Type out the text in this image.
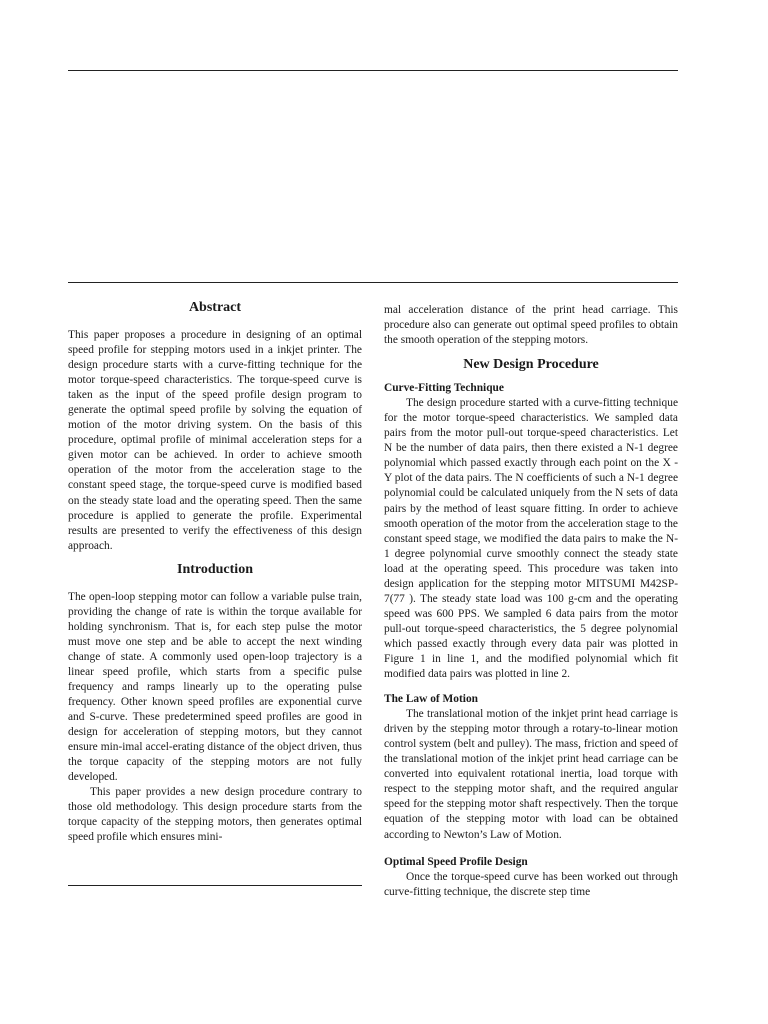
Abstract

This paper proposes a procedure in designing of an optimal speed profile for stepping motors used in a inkjet printer. The design procedure starts with a curve-fitting technique for the motor torque-speed characteristics. The torque-speed curve is taken as the input of the speed profile design program to generate the optimal speed profile by solving the equation of motion of the motor driving system. On the basis of this procedure, optimal profile of minimal acceleration steps for a given motor can be achieved. In order to achieve smooth operation of the motor from the acceleration stage to the constant speed stage, the torque-speed curve is modified based on the steady state load and the operating speed. Then the same procedure is applied to generate the profile. Experimental results are presented to verify the effectiveness of this design approach.

Introduction

The open-loop stepping motor can follow a variable pulse train, providing the change of rate is within the torque available for holding synchronism. That is, for each step pulse the motor must move one step and be able to accept the next winding change of state. A commonly used open-loop trajectory is a linear speed profile, which starts from a specific pulse frequency and ramps linearly up to the operating pulse frequency. Other known speed profiles are exponential curve and S-curve. These predetermined speed profiles are good in design for acceleration of stepping motors, but they cannot ensure min-imal accel-erating distance of the object driven, thus the torque capacity of the stepping motors are not fully developed.

This paper provides a new design procedure contrary to those old methodology. This design procedure starts from the torque capacity of the stepping motors, then generates optimal speed profile which ensures mini-

mal acceleration distance of the print head carriage. This procedure also can generate out optimal speed profiles to obtain the smooth operation of the stepping motors.

New Design Procedure
Curve-Fitting Technique

The design procedure started with a curve-fitting technique for the motor torque-speed characteristics. We sampled data pairs from the motor pull-out torque-speed characteristics. Let N be the number of data pairs, then there existed a N-1 degree polynomial which passed exactly through each point on the X - Y plot of the data pairs. The N coefficients of such a N-1 degree polynomial could be calculated uniquely from the N sets of data pairs by the method of least square fitting. In order to achieve smooth operation of the motor from the acceleration stage to the constant speed stage, we modified the data pairs to make the N-1 degree polynomial curve smoothly connect the steady state load at the operating speed. This procedure was taken into design application for the stepping motor MITSUMI M42SP-7(77 ). The steady state load was 100 g-cm and the operating speed was 600 PPS. We sampled 6 data pairs from the motor pull-out torque-speed characteristics, the 5 degree polynomial which passed exactly through every data pair was plotted in Figure 1 in line 1, and the modified polynomial which fit modified data pairs was plotted in line 2.

The Law of Motion

The translational motion of the inkjet print head carriage is driven by the stepping motor through a rotary-to-linear motion control system (belt and pulley). The mass, friction and speed of the translational motion of the inkjet print head carriage can be converted into equivalent rotational inertia, load torque with respect to the stepping motor shaft, and the required angular speed for the stepping motor shaft respectively. Then the torque equation of the stepping motor with load can be obtained according to Newton’s Law of Motion.

Optimal Speed Profile Design

Once the torque-speed curve has been worked out through curve-fitting technique, the discrete step time
